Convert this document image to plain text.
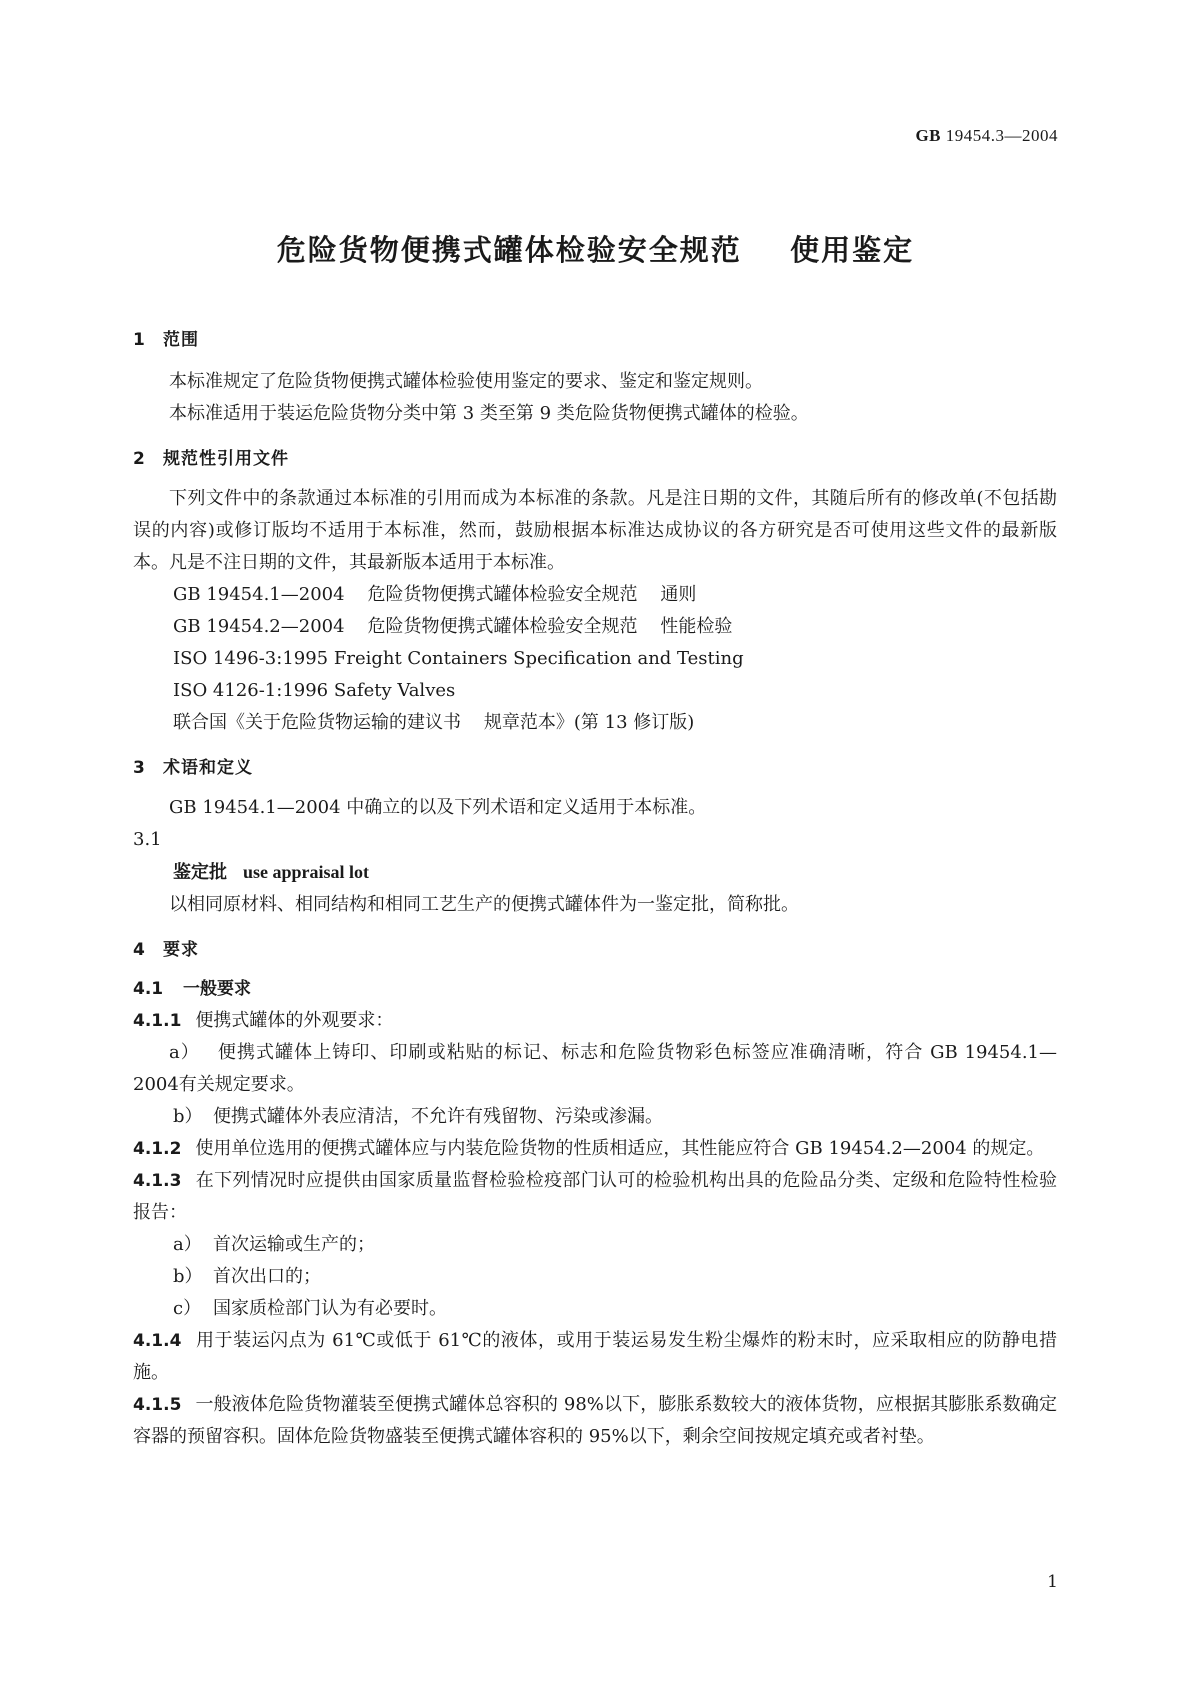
GB 19454.3—2004
危险货物便携式罐体检验安全规范    使用鉴定
1 范围

本标准规定了危险货物便携式罐体检验使用鉴定的要求、鉴定和鉴定规则。

本标准适用于装运危险货物分类中第 3 类至第 9 类危险货物便携式罐体的检验。

2 规范性引用文件

下列文件中的条款通过本标准的引用而成为本标准的条款。凡是注日期的文件，其随后所有的修改单(不包括勘误的内容)或修订版均不适用于本标准，然而，鼓励根据本标准达成协议的各方研究是否可使用这些文件的最新版本。凡是不注日期的文件，其最新版本适用于本标准。

GB 19454.1—2004    危险货物便携式罐体检验安全规范    通则
GB 19454.2—2004    危险货物便携式罐体检验安全规范    性能检验
ISO 1496-3:1995 Freight Containers Specification and Testing
ISO 4126-1:1996 Safety Valves
联合国《关于危险货物运输的建议书    规章范本》(第 13 修订版)
3 术语和定义

GB 19454.1—2004 中确立的以及下列术语和定义适用于本标准。

3.1

鉴定批 use appraisal lot

以相同原材料、相同结构和相同工艺生产的便携式罐体件为一鉴定批，简称批。

4 要求
4.1 一般要求

4.1.1 便携式罐体的外观要求：

a） 便携式罐体上铸印、印刷或粘贴的标记、标志和危险货物彩色标签应准确清晰，符合 GB 19454.1—2004有关规定要求。

b） 便携式罐体外表应清洁，不允许有残留物、污染或渗漏。

4.1.2 使用单位选用的便携式罐体应与内装危险货物的性质相适应，其性能应符合 GB 19454.2—2004 的规定。

4.1.3 在下列情况时应提供由国家质量监督检验检疫部门认可的检验机构出具的危险品分类、定级和危险特性检验报告：

a） 首次运输或生产的；

b） 首次出口的；

c） 国家质检部门认为有必要时。

4.1.4 用于装运闪点为 61℃或低于 61℃的液体，或用于装运易发生粉尘爆炸的粉末时，应采取相应的防静电措施。

4.1.5 一般液体危险货物灌装至便携式罐体总容积的 98%以下，膨胀系数较大的液体货物，应根据其膨胀系数确定容器的预留容积。固体危险货物盛装至便携式罐体容积的 95%以下，剩余空间按规定填充或者衬垫。

1
